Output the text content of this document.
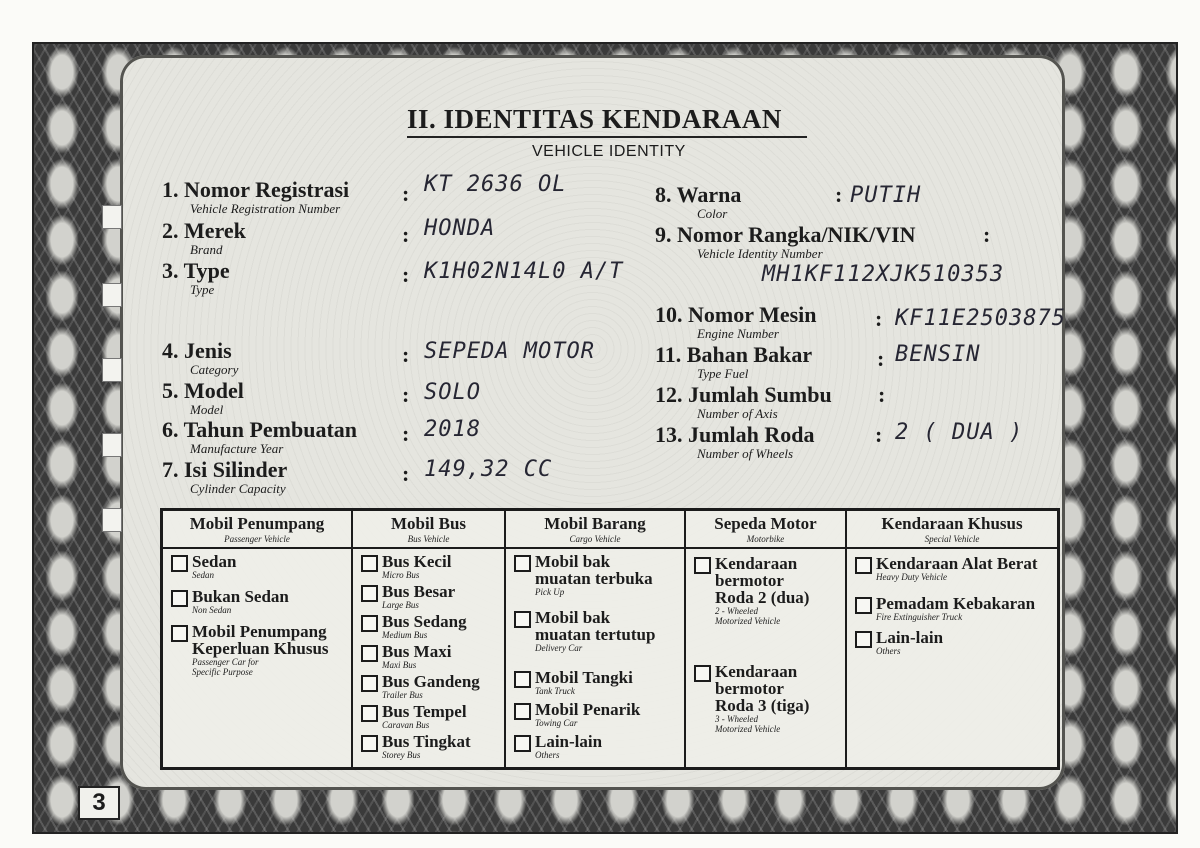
II. IDENTITAS KENDARAAN
VEHICLE IDENTITY
1. Nomor Registrasi
Vehicle Registration Number
: KT 2636 OL
2. Merek
Brand
: HONDA
3. Type
Type
: K1H02N14L0 A/T
4. Jenis
Category
: SEPEDA MOTOR
5. Model
Model
: SOLO
6. Tahun Pembuatan
Manufacture Year
: 2018
7. Isi Silinder
Cylinder Capacity
: 149,32 CC
8. Warna
Color
: PUTIH
9. Nomor Rangka/NIK/VIN
Vehicle Identity Number
:
MH1KF112XJK510353
10. Nomor Mesin
Engine Number
: KF11E2503875
11. Bahan Bakar
Type Fuel
: BENSIN
12. Jumlah Sumbu
Number of Axis
:
13. Jumlah Roda
Number of Wheels
: 2 ( DUA )
Mobil Penumpang
Passenger Vehicle
Sedan
Sedan
Bukan Sedan
Non Sedan
Mobil Penumpang
Keperluan Khusus
Passenger Car for
Specific Purpose
Mobil Bus
Bus Vehicle
Bus Kecil
Micro Bus
Bus Besar
Large Bus
Bus Sedang
Medium Bus
Bus Maxi
Maxi Bus
Bus Gandeng
Trailer Bus
Bus Tempel
Caravan Bus
Bus Tingkat
Storey Bus
Mobil Barang
Cargo Vehicle
Mobil bak
muatan terbuka
Pick Up
Mobil bak
muatan tertutup
Delivery Car
Mobil Tangki
Tank Truck
Mobil Penarik
Towing Car
Lain-lain
Others
Sepeda Motor
Motorbike
Kendaraan
bermotor
Roda 2 (dua)
2 - Wheeled
Motorized Vehicle
Kendaraan
bermotor
Roda 3 (tiga)
3 - Wheeled
Motorized Vehicle
Kendaraan Khusus
Special Vehicle
Kendaraan Alat Berat
Heavy Duty Vehicle
Pemadam Kebakaran
Fire Extinguisher Truck
Lain-lain
Others
3
